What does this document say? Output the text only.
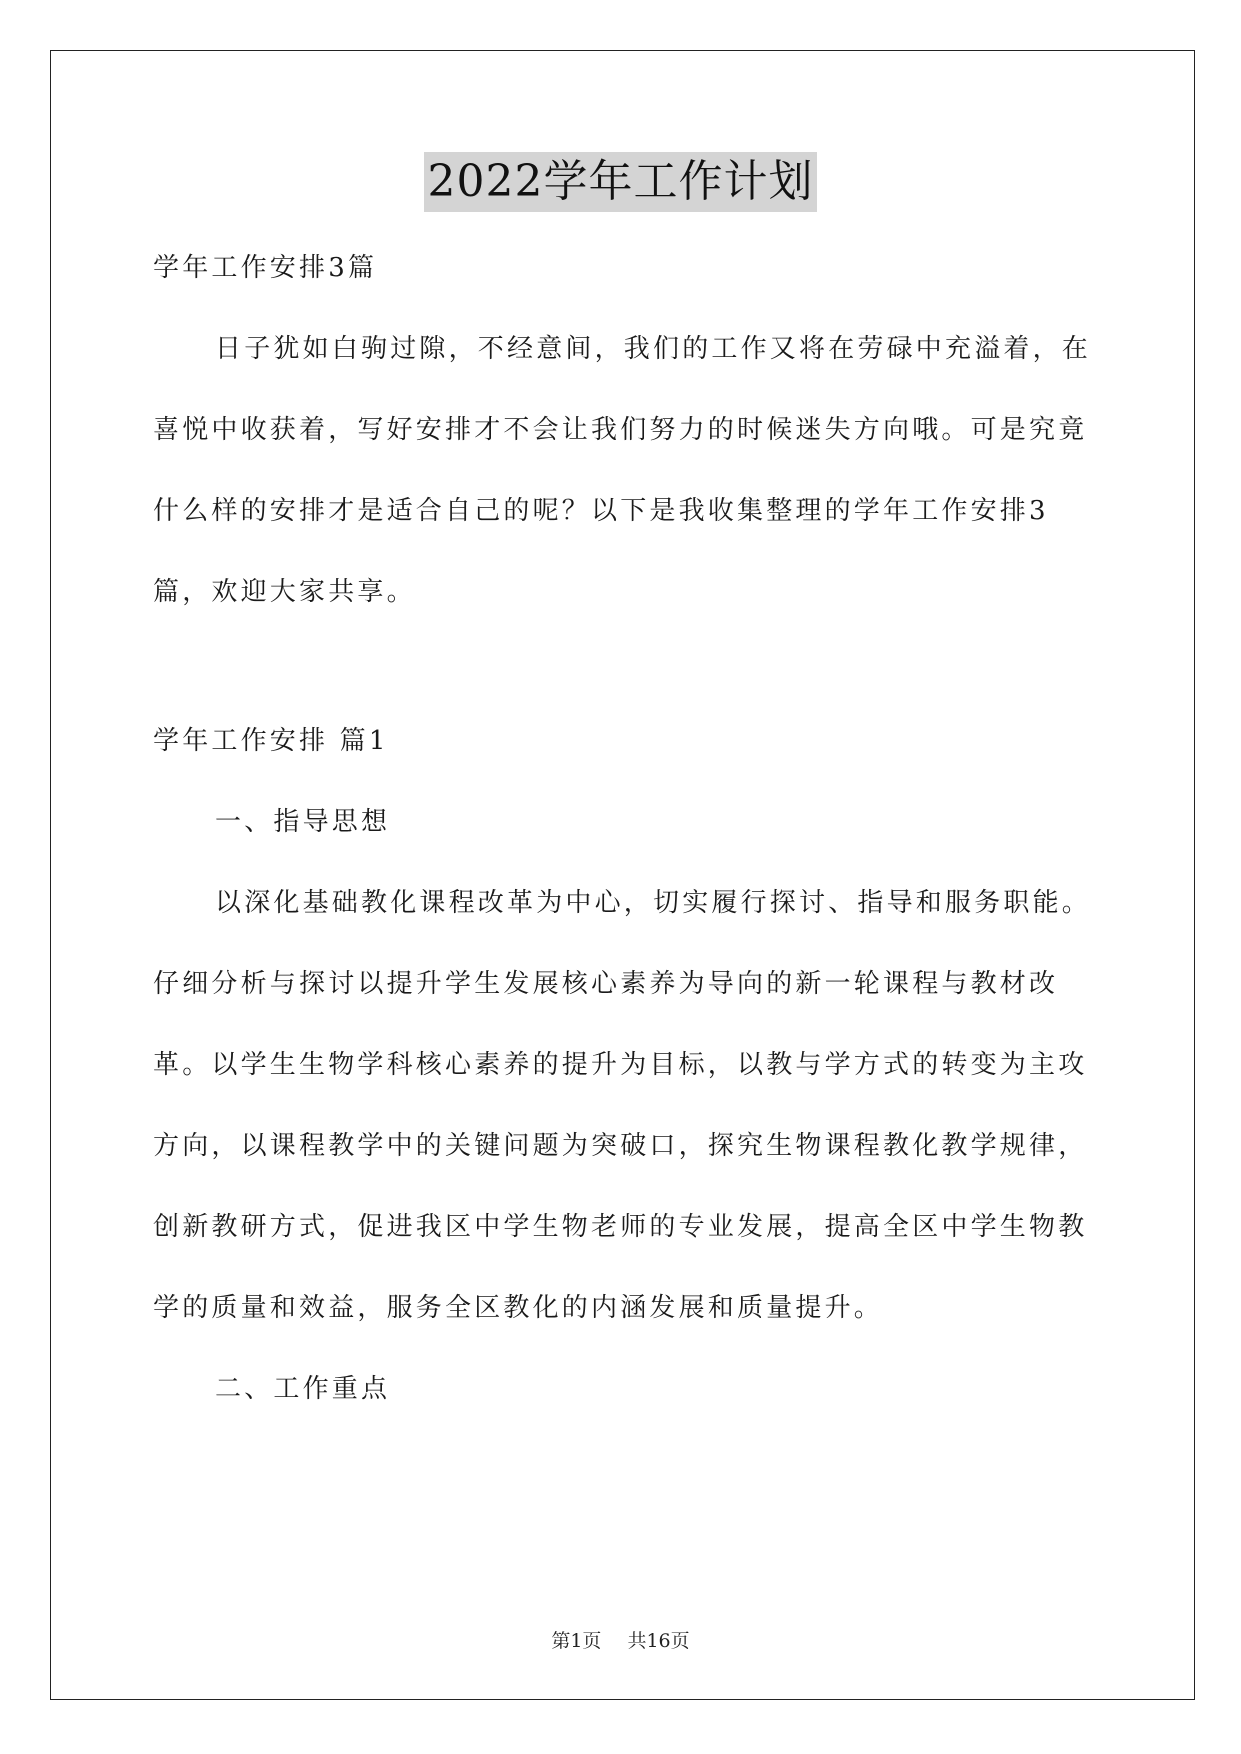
2022学年工作计划

学年工作安排3篇

日子犹如白驹过隙，不经意间，我们的工作又将在劳碌中充溢着，在喜悦中收获着，写好安排才不会让我们努力的时候迷失方向哦。可是究竟什么样的安排才是适合自己的呢？以下是我收集整理的学年工作安排3篇，欢迎大家共享。

学年工作安排 篇1

一、指导思想

以深化基础教化课程改革为中心，切实履行探讨、指导和服务职能。仔细分析与探讨以提升学生发展核心素养为导向的新一轮课程与教材改革。以学生生物学科核心素养的提升为目标，以教与学方式的转变为主攻方向，以课程教学中的关键问题为突破口，探究生物课程教化教学规律，创新教研方式，促进我区中学生物老师的专业发展，提高全区中学生物教学的质量和效益，服务全区教化的内涵发展和质量提升。

二、工作重点

第1页 共16页
